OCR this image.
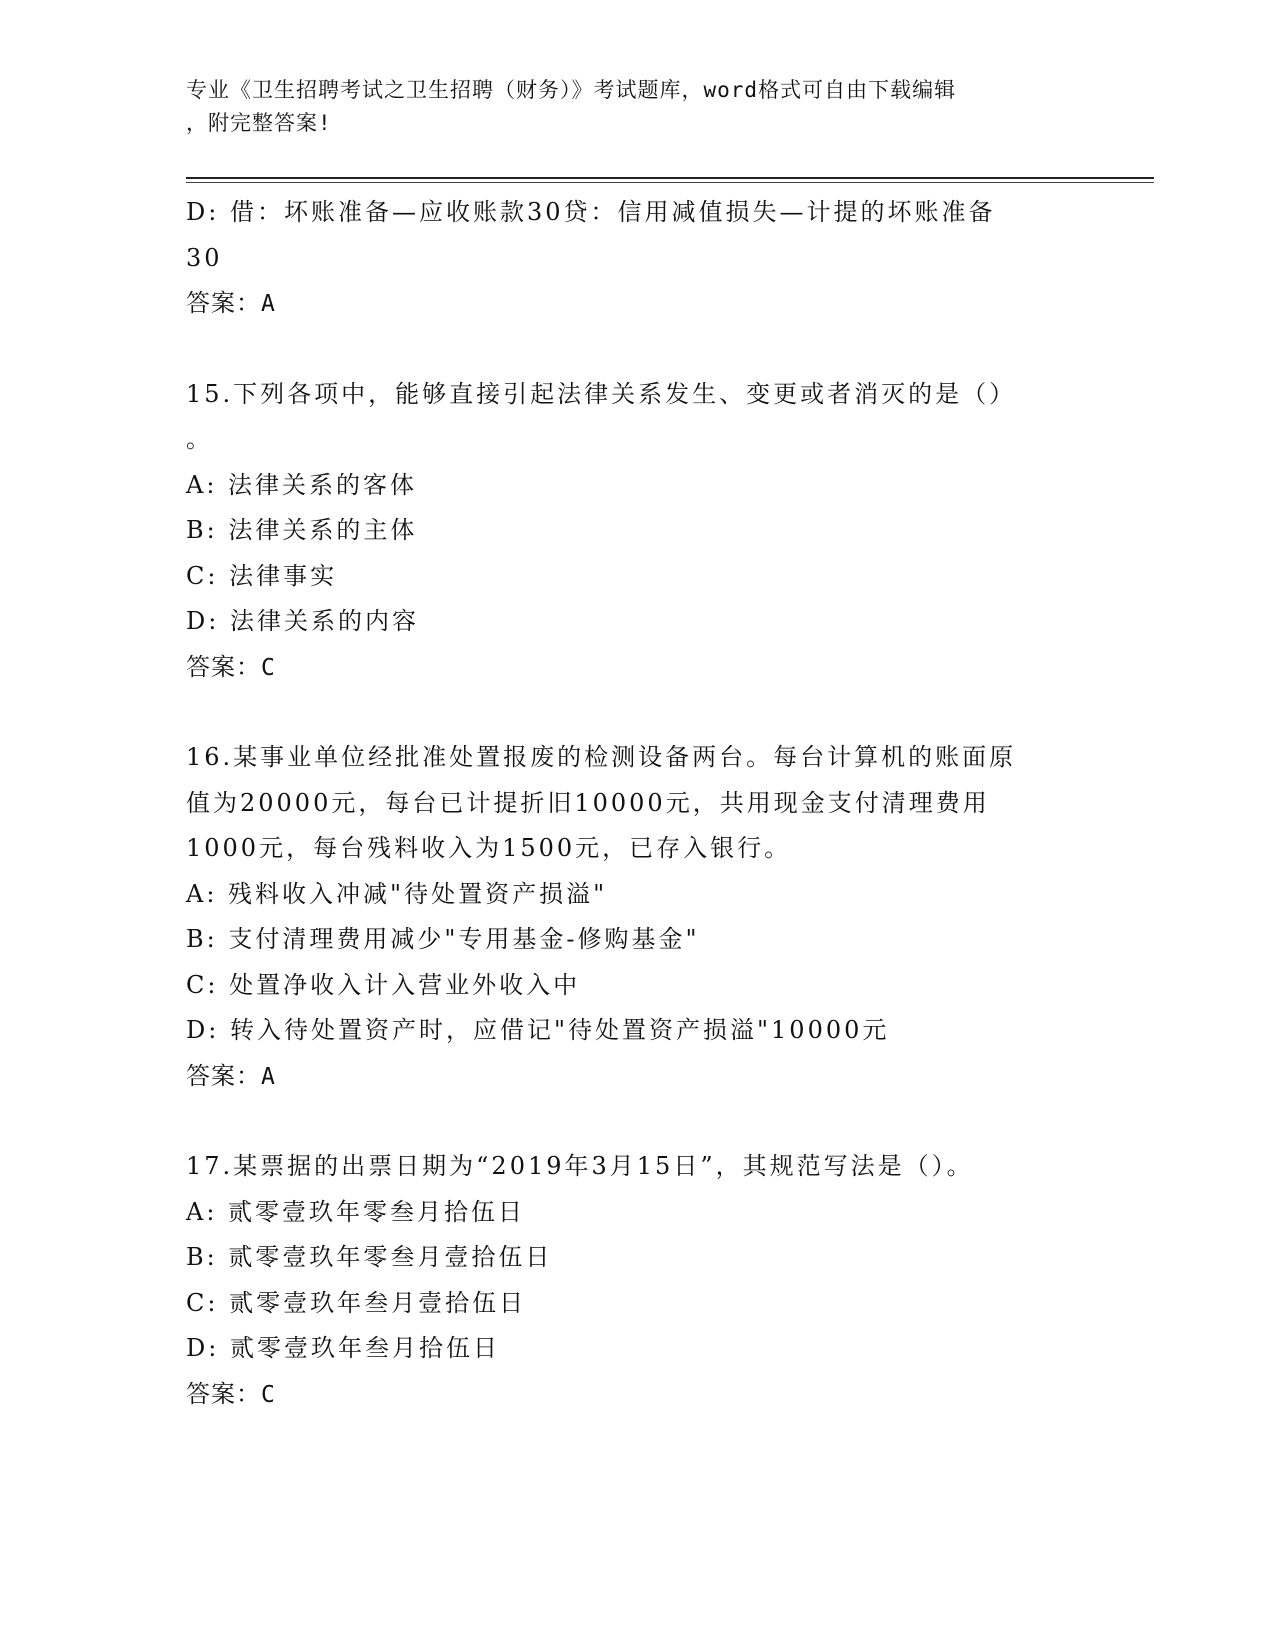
专业《卫生招聘考试之卫生招聘（财务）》考试题库，word格式可自由下载编辑
，附完整答案!
D: 借：坏账准备—应收账款30贷：信用减值损失—计提的坏账准备
30
答案：A
15.下列各项中，能够直接引起法律关系发生、变更或者消灭的是（）
。
A: 法律关系的客体
B: 法律关系的主体
C: 法律事实
D: 法律关系的内容
答案：C
16.某事业单位经批准处置报废的检测设备两台。每台计算机的账面原
值为20000元，每台已计提折旧10000元，共用现金支付清理费用
1000元，每台残料收入为1500元，已存入银行。
A: 残料收入冲减"待处置资产损溢"
B: 支付清理费用减少"专用基金-修购基金"
C: 处置净收入计入营业外收入中
D: 转入待处置资产时，应借记"待处置资产损溢"10000元
答案：A
17.某票据的出票日期为“2019年3月15日”，其规范写法是（）。
A: 贰零壹玖年零叁月拾伍日
B: 贰零壹玖年零叁月壹拾伍日
C: 贰零壹玖年叁月壹拾伍日
D: 贰零壹玖年叁月拾伍日
答案：C
